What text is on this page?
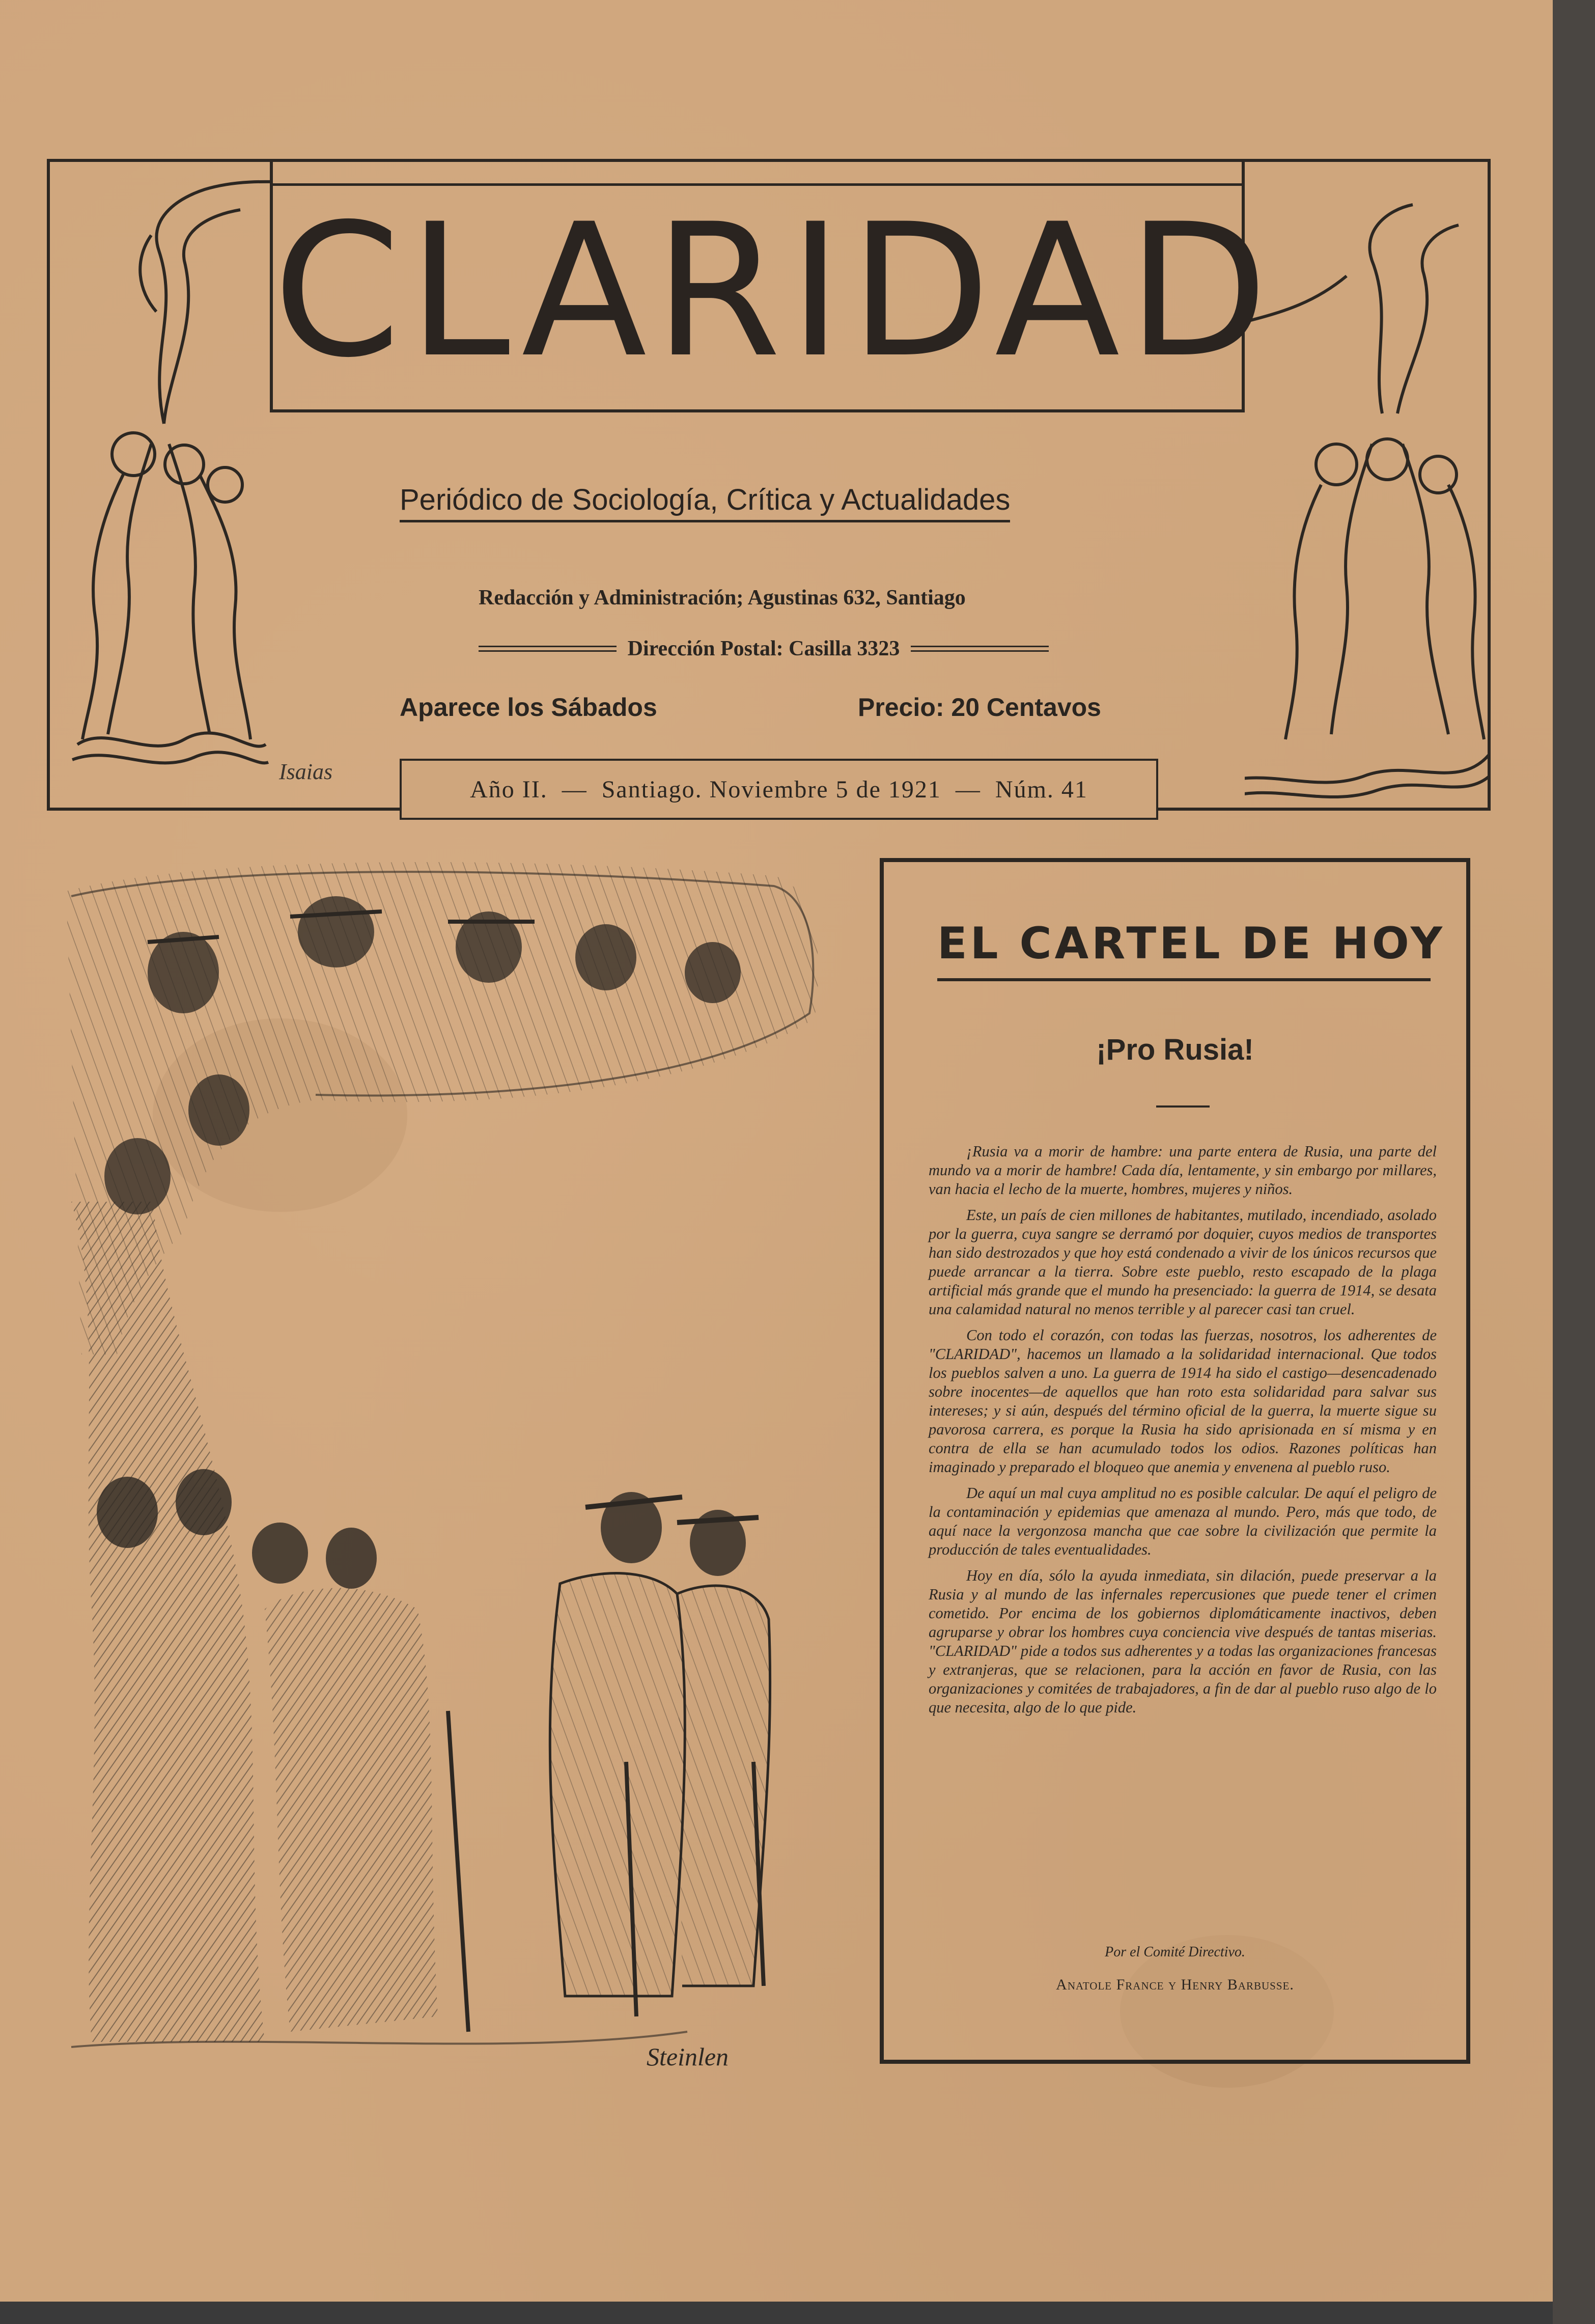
CLARIDAD
Periódico de Sociología, Crítica y Actualidades
Redacción y Administración; Agustinas 632, Santiago
Dirección Postal: Casilla 3323
Aparece los Sábados	Precio: 20 Centavos
Isaias
Año II. — Santiago. Noviembre 5 de 1921 — Núm. 41
Steinlen
EL CARTEL DE HOY
¡Pro Rusia!

¡Rusia va a morir de hambre: una parte entera de Rusia, una parte del mundo va a morir de hambre! Cada día, lentamente, y sin embargo por millares, van hacia el lecho de la muerte, hombres, mujeres y niños.

Este, un país de cien millones de habitantes, mutilado, incendiado, asolado por la guerra, cuya sangre se derramó por doquier, cuyos medios de transportes han sido destrozados y que hoy está condenado a vivir de los únicos recursos que puede arrancar a la tierra. Sobre este pueblo, resto escapado de la plaga artificial más grande que el mundo ha presenciado: la guerra de 1914, se desata una calamidad natural no menos terrible y al parecer casi tan cruel.

Con todo el corazón, con todas las fuerzas, nosotros, los adherentes de "CLARIDAD", hacemos un llamado a la solidaridad internacional. Que todos los pueblos salven a uno. La guerra de 1914 ha sido el castigo—desencadenado sobre inocentes—de aquellos que han roto esta solidaridad para salvar sus intereses; y si aún, después del término oficial de la guerra, la muerte sigue su pavorosa carrera, es porque la Rusia ha sido aprisionada en sí misma y en contra de ella se han acumulado todos los odios. Razones políticas han imaginado y preparado el bloqueo que anemia y envenena al pueblo ruso.

De aquí un mal cuya amplitud no es posible calcular. De aquí el peligro de la contaminación y epidemias que amenaza al mundo. Pero, más que todo, de aquí nace la vergonzosa mancha que cae sobre la civilización que permite la producción de tales eventualidades.

Hoy en día, sólo la ayuda inmediata, sin dilación, puede preservar a la Rusia y al mundo de las infernales repercusiones que puede tener el crimen cometido. Por encima de los gobiernos diplomáticamente inactivos, deben agruparse y obrar los hombres cuya conciencia vive después de tantas miserias. "CLARIDAD" pide a todos sus adherentes y a todas las organizaciones francesas y extranjeras, que se relacionen, para la acción en favor de Rusia, con las organizaciones y comitées de trabajadores, a fin de dar al pueblo ruso algo de lo que necesita, algo de lo que pide.

Por el Comité Directivo.
Anatole France y Henry Barbusse.
